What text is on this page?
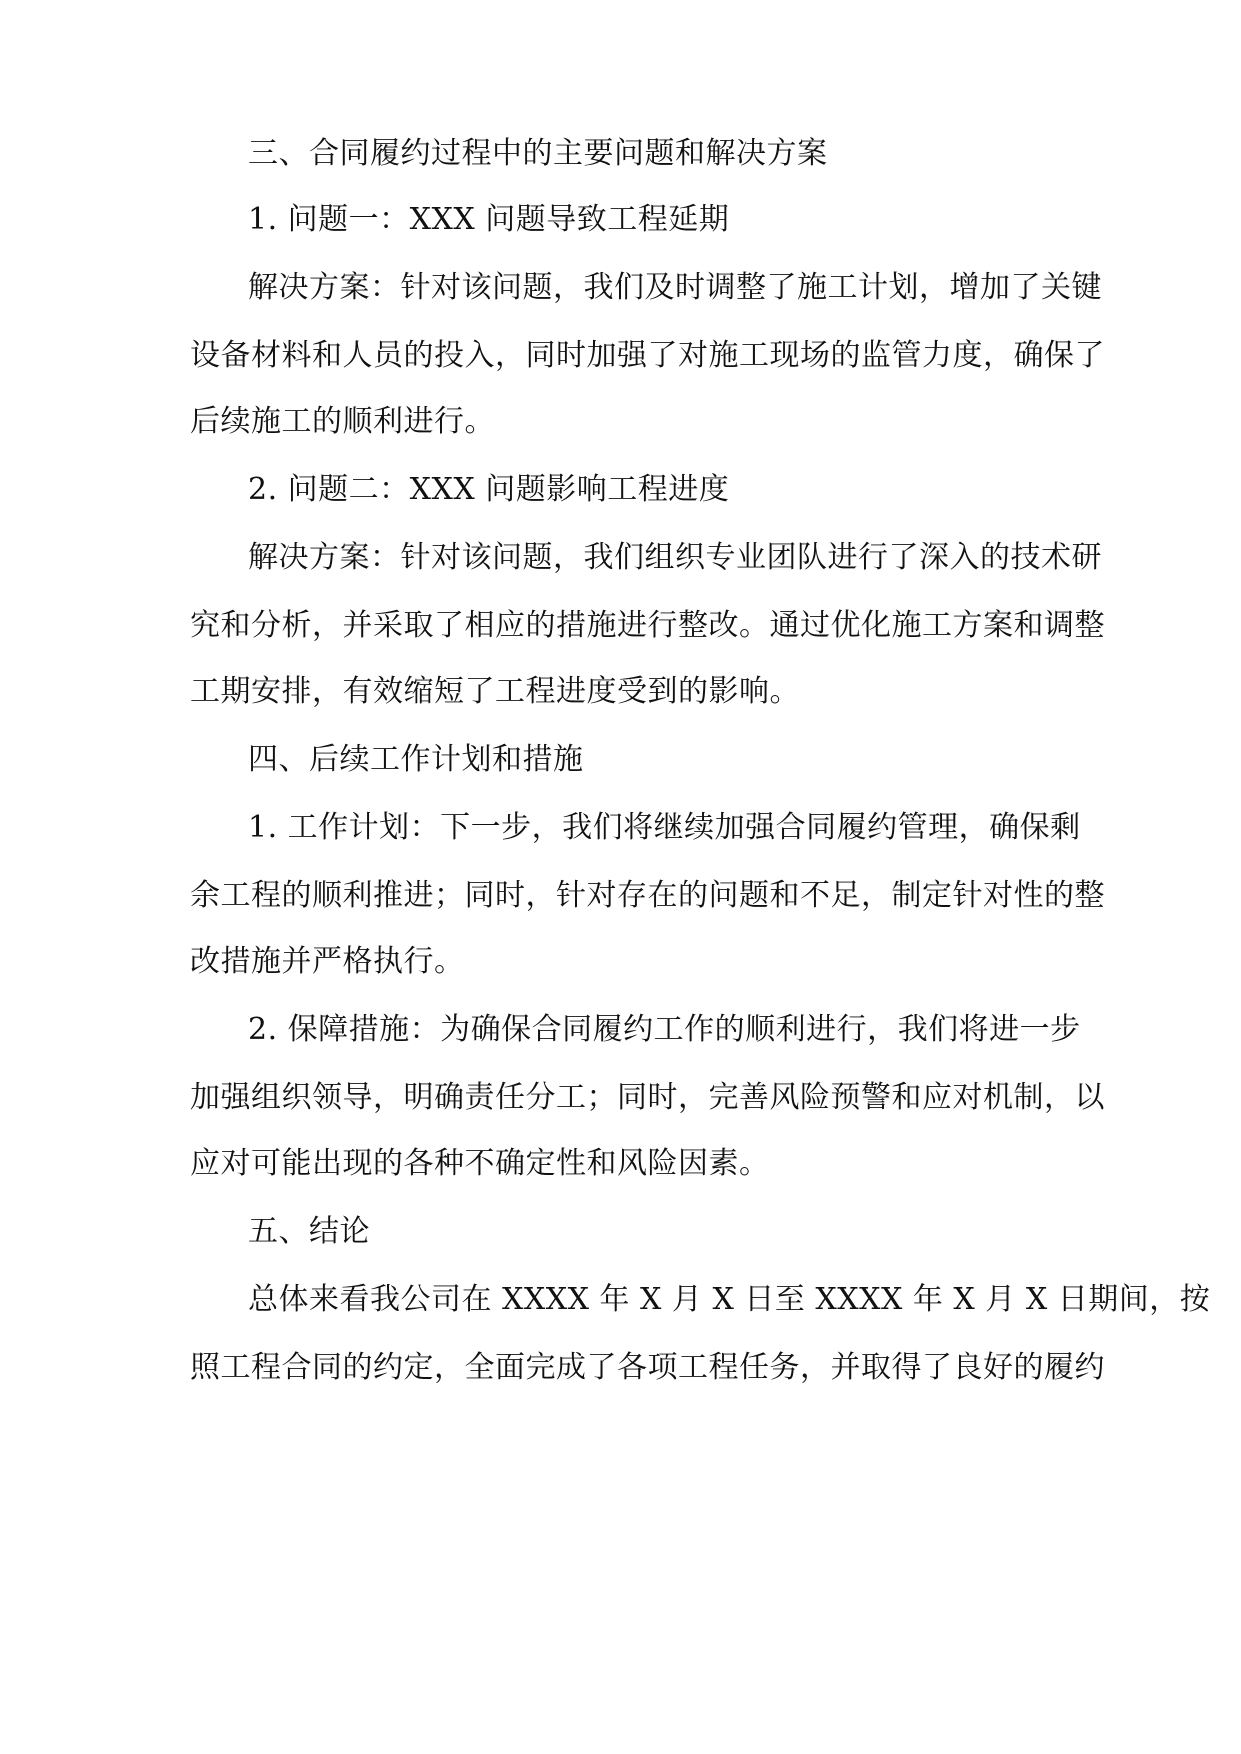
三、合同履约过程中的主要问题和解决方案
1. 问题一：XXX 问题导致工程延期
解决方案：针对该问题，我们及时调整了施工计划，增加了关键
设备材料和人员的投入，同时加强了对施工现场的监管力度，确保了
后续施工的顺利进行。
2. 问题二：XXX 问题影响工程进度
解决方案：针对该问题，我们组织专业团队进行了深入的技术研
究和分析，并采取了相应的措施进行整改。通过优化施工方案和调整
工期安排，有效缩短了工程进度受到的影响。
四、后续工作计划和措施
1. 工作计划：下一步，我们将继续加强合同履约管理，确保剩
余工程的顺利推进；同时，针对存在的问题和不足，制定针对性的整
改措施并严格执行。
2. 保障措施：为确保合同履约工作的顺利进行，我们将进一步
加强组织领导，明确责任分工；同时，完善风险预警和应对机制，以
应对可能出现的各种不确定性和风险因素。
五、结论
总体来看我公司在 XXXX 年 X 月 X 日至 XXXX 年 X 月 X 日期间，按
照工程合同的约定，全面完成了各项工程任务，并取得了良好的履约
